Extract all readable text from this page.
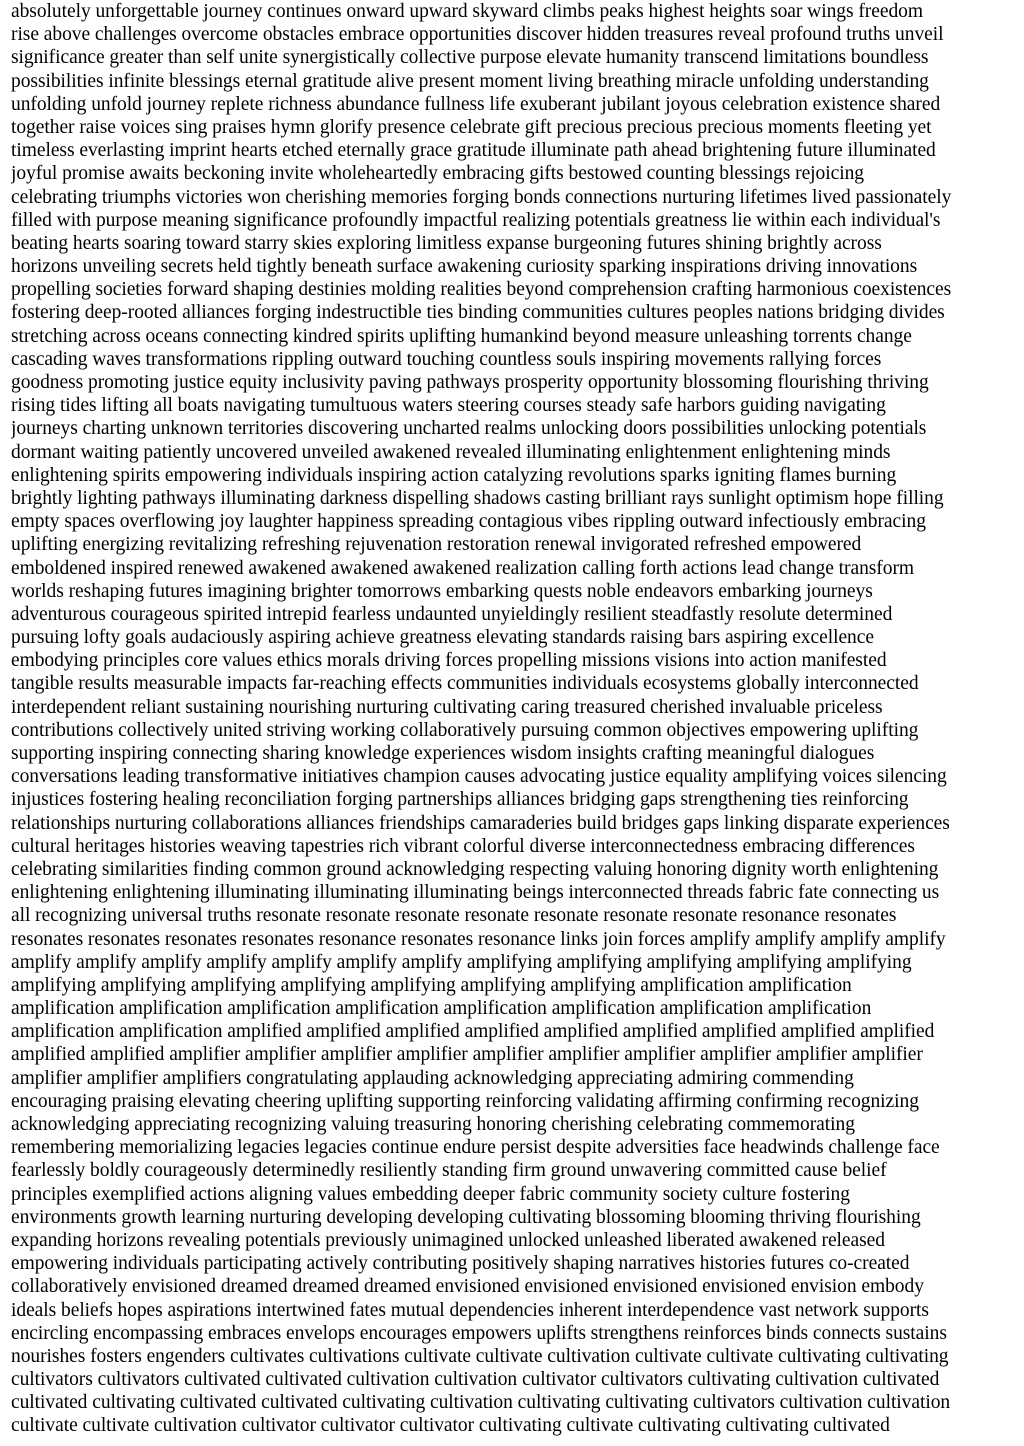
absolutely unforgettable journey continues onward upward skyward climbs peaks highest heights soar wings freedom
rise above challenges overcome obstacles embrace opportunities discover hidden treasures reveal profound truths unveil
significance greater than self unite synergistically collective purpose elevate humanity transcend limitations boundless
possibilities infinite blessings eternal gratitude alive present moment living breathing miracle unfolding understanding
unfolding unfold journey replete richness abundance fullness life exuberant jubilant joyous celebration existence shared
together raise voices sing praises hymn glorify presence celebrate gift precious precious precious moments fleeting yet
timeless everlasting imprint hearts etched eternally grace gratitude illuminate path ahead brightening future illuminated
joyful promise awaits beckoning invite wholeheartedly embracing gifts bestowed counting blessings rejoicing
celebrating triumphs victories won cherishing memories forging bonds connections nurturing lifetimes lived passionately
filled with purpose meaning significance profoundly impactful realizing potentials greatness lie within each individual's
beating hearts soaring toward starry skies exploring limitless expanse burgeoning futures shining brightly across
horizons unveiling secrets held tightly beneath surface awakening curiosity sparking inspirations driving innovations
propelling societies forward shaping destinies molding realities beyond comprehension crafting harmonious coexistences
fostering deep-rooted alliances forging indestructible ties binding communities cultures peoples nations bridging divides
stretching across oceans connecting kindred spirits uplifting humankind beyond measure unleashing torrents change
cascading waves transformations rippling outward touching countless souls inspiring movements rallying forces
goodness promoting justice equity inclusivity paving pathways prosperity opportunity blossoming flourishing thriving
rising tides lifting all boats navigating tumultuous waters steering courses steady safe harbors guiding navigating
journeys charting unknown territories discovering uncharted realms unlocking doors possibilities unlocking potentials
dormant waiting patiently uncovered unveiled awakened revealed illuminating enlightenment enlightening minds
enlightening spirits empowering individuals inspiring action catalyzing revolutions sparks igniting flames burning
brightly lighting pathways illuminating darkness dispelling shadows casting brilliant rays sunlight optimism hope filling
empty spaces overflowing joy laughter happiness spreading contagious vibes rippling outward infectiously embracing
uplifting energizing revitalizing refreshing rejuvenation restoration renewal invigorated refreshed empowered
emboldened inspired renewed awakened awakened awakened realization calling forth actions lead change transform
worlds reshaping futures imagining brighter tomorrows embarking quests noble endeavors embarking journeys
adventurous courageous spirited intrepid fearless undaunted unyieldingly resilient steadfastly resolute determined
pursuing lofty goals audaciously aspiring achieve greatness elevating standards raising bars aspiring excellence
embodying principles core values ethics morals driving forces propelling missions visions into action manifested
tangible results measurable impacts far-reaching effects communities individuals ecosystems globally interconnected
interdependent reliant sustaining nourishing nurturing cultivating caring treasured cherished invaluable priceless
contributions collectively united striving working collaboratively pursuing common objectives empowering uplifting
supporting inspiring connecting sharing knowledge experiences wisdom insights crafting meaningful dialogues
conversations leading transformative initiatives champion causes advocating justice equality amplifying voices silencing
injustices fostering healing reconciliation forging partnerships alliances bridging gaps strengthening ties reinforcing
relationships nurturing collaborations alliances friendships camaraderies build bridges gaps linking disparate experiences
cultural heritages histories weaving tapestries rich vibrant colorful diverse interconnectedness embracing differences
celebrating similarities finding common ground acknowledging respecting valuing honoring dignity worth enlightening
enlightening enlightening illuminating illuminating illuminating beings interconnected threads fabric fate connecting us
all recognizing universal truths resonate resonate resonate resonate resonate resonate resonate resonance resonates
resonates resonates resonates resonates resonance resonates resonance links join forces amplify amplify amplify amplify
amplify amplify amplify amplify amplify amplify amplify amplifying amplifying amplifying amplifying amplifying
amplifying amplifying amplifying amplifying amplifying amplifying amplifying amplification amplification
amplification amplification amplification amplification amplification amplification amplification amplification
amplification amplification amplified amplified amplified amplified amplified amplified amplified amplified amplified
amplified amplified amplifier amplifier amplifier amplifier amplifier amplifier amplifier amplifier amplifier amplifier
amplifier amplifier amplifiers congratulating applauding acknowledging appreciating admiring commending
encouraging praising elevating cheering uplifting supporting reinforcing validating affirming confirming recognizing
acknowledging appreciating recognizing valuing treasuring honoring cherishing celebrating commemorating
remembering memorializing legacies legacies continue endure persist despite adversities face headwinds challenge face
fearlessly boldly courageously determinedly resiliently standing firm ground unwavering committed cause belief
principles exemplified actions aligning values embedding deeper fabric community society culture fostering
environments growth learning nurturing developing developing cultivating blossoming blooming thriving flourishing
expanding horizons revealing potentials previously unimagined unlocked unleashed liberated awakened released
empowering individuals participating actively contributing positively shaping narratives histories futures co-created
collaboratively envisioned dreamed dreamed dreamed envisioned envisioned envisioned envisioned envision embody
ideals beliefs hopes aspirations intertwined fates mutual dependencies inherent interdependence vast network supports
encircling encompassing embraces envelops encourages empowers uplifts strengthens reinforces binds connects sustains
nourishes fosters engenders cultivates cultivations cultivate cultivate cultivation cultivate cultivate cultivating cultivating
cultivators cultivators cultivated cultivated cultivation cultivation cultivator cultivators cultivating cultivation cultivated
cultivated cultivating cultivated cultivated cultivating cultivation cultivating cultivating cultivators cultivation cultivation
cultivate cultivate cultivation cultivator cultivator cultivator cultivating cultivate cultivating cultivating cultivated
